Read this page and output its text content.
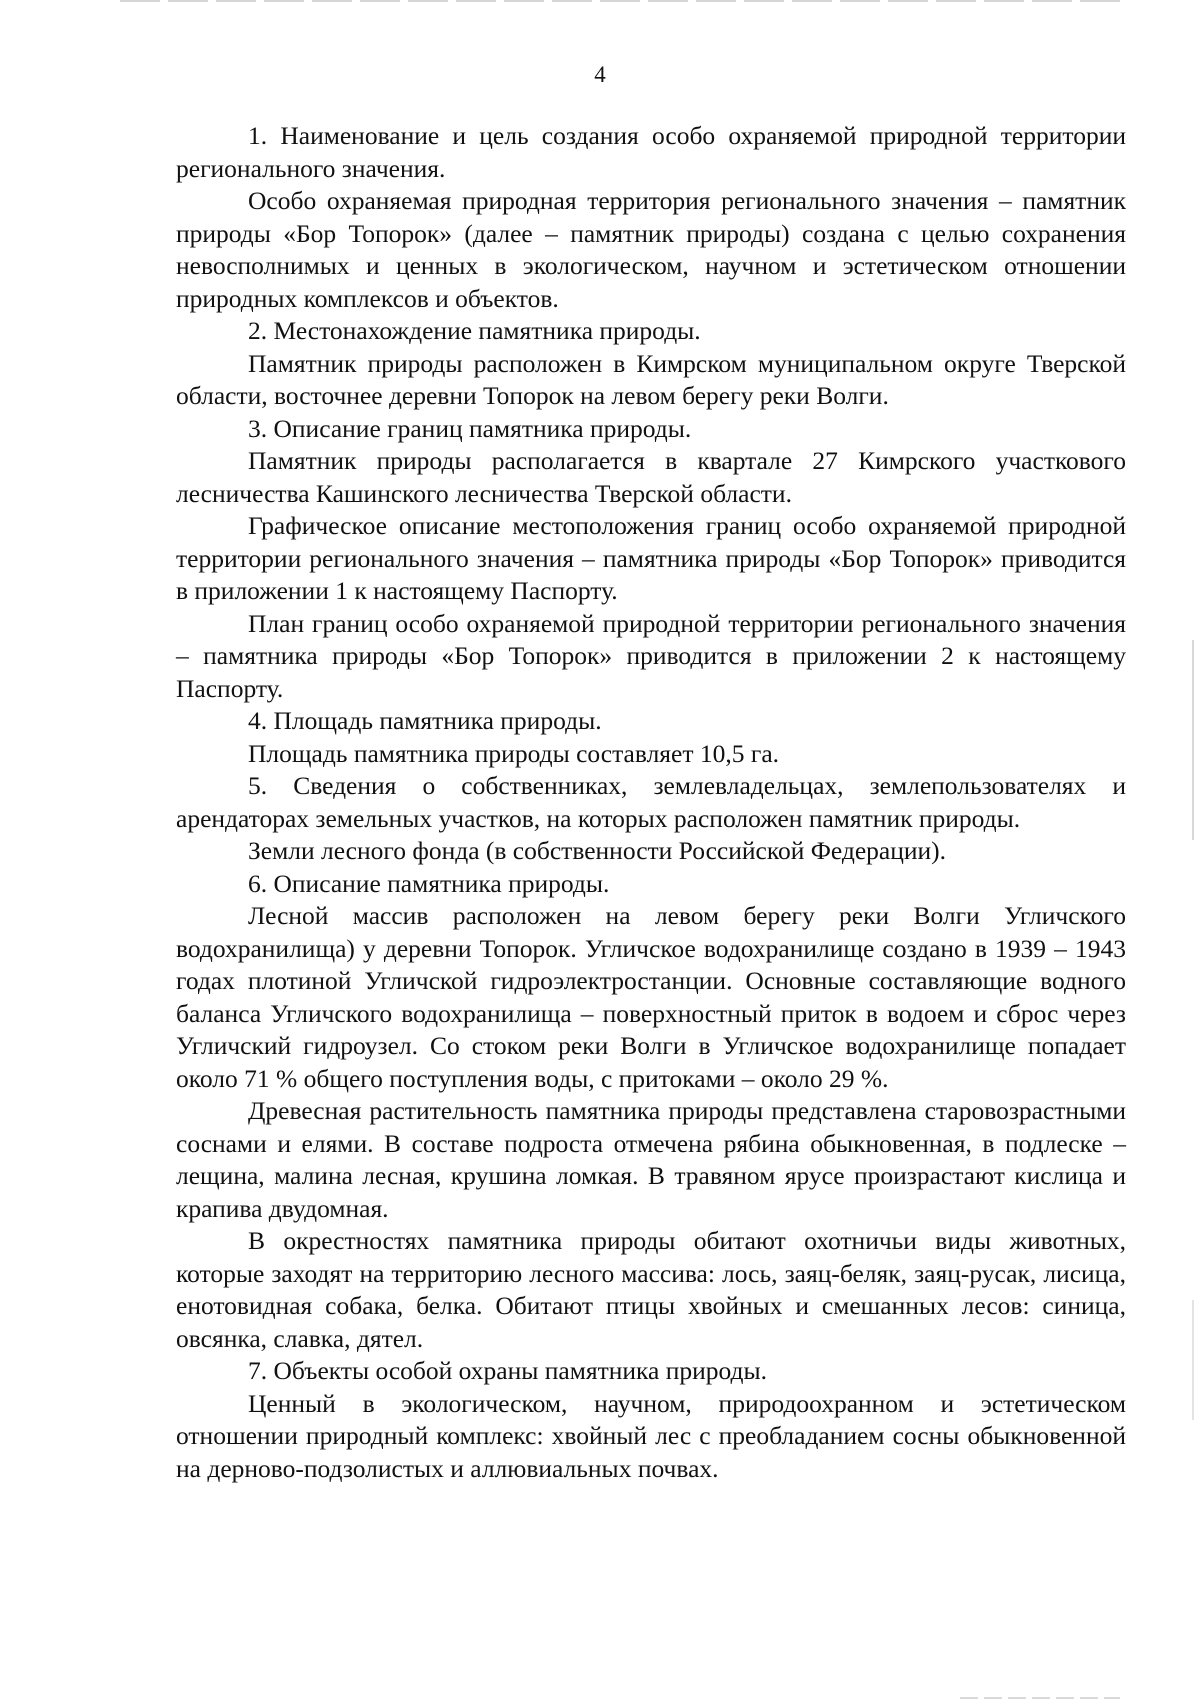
4

1. Наименование и цель создания особо охраняемой природной территории регионального значения.

Особо охраняемая природная территория регионального значения – памятник природы «Бор Топорок» (далее – памятник природы) создана с целью сохранения невосполнимых и ценных в экологическом, научном и эстетическом отношении природных комплексов и объектов.

2. Местонахождение памятника природы.

Памятник природы расположен в Кимрском муниципальном округе Тверской области, восточнее деревни Топорок на левом берегу реки Волги.

3. Описание границ памятника природы.

Памятник природы располагается в квартале 27 Кимрского участкового лесничества Кашинского лесничества Тверской области.

Графическое описание местоположения границ особо охраняемой природной территории регионального значения – памятника природы «Бор Топорок» приводится в приложении 1 к настоящему Паспорту.

План границ особо охраняемой природной территории регионального значения – памятника природы «Бор Топорок» приводится в приложении 2 к настоящему Паспорту.

4. Площадь памятника природы.

Площадь памятника природы составляет 10,5 га.

5. Сведения о собственниках, землевладельцах, землепользователях и арендаторах земельных участков, на которых расположен памятник природы.

Земли лесного фонда (в собственности Российской Федерации).

6. Описание памятника природы.

Лесной массив расположен на левом берегу реки Волги Угличского водохранилища) у деревни Топорок. Угличское водохранилище создано в 1939 – 1943 годах плотиной Угличской гидроэлектростанции. Основные составляющие водного баланса Угличского водохранилища – поверхностный приток в водоем и сброс через Угличский гидроузел. Со стоком реки Волги в Угличское водохранилище попадает около 71 % общего поступления воды, с притоками – около 29 %.

Древесная растительность памятника природы представлена старовозрастными соснами и елями. В составе подроста отмечена рябина обыкновенная, в подлеске – лещина, малина лесная, крушина ломкая. В травяном ярусе произрастают кислица и крапива двудомная.

В окрестностях памятника природы обитают охотничьи виды животных, которые заходят на территорию лесного массива: лось, заяц-беляк, заяц-русак, лисица, енотовидная собака, белка. Обитают птицы хвойных и смешанных лесов: синица, овсянка, славка, дятел.

7. Объекты особой охраны памятника природы.

Ценный в экологическом, научном, природоохранном и эстетическом отношении природный комплекс: хвойный лес с преобладанием сосны обыкновенной на дерново-подзолистых и аллювиальных почвах.
